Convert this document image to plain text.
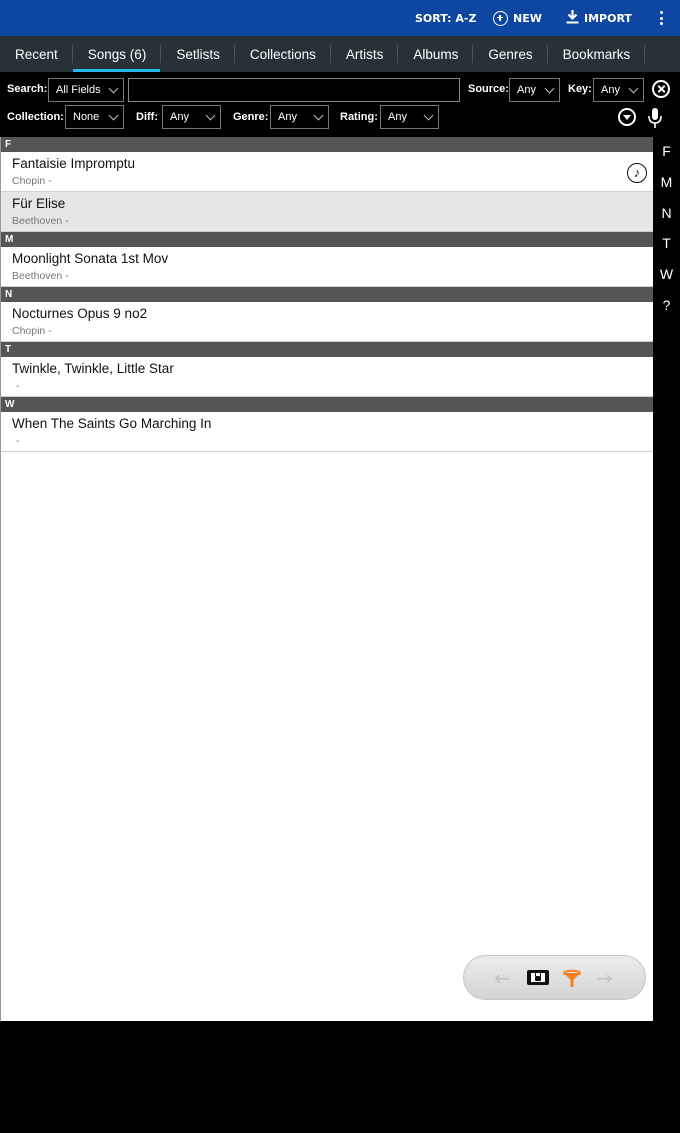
SORT: A-Z	NEW	IMPORT
Recent Songs (6) Setlists Collections Artists Albums Genres Bookmarks
Search: All Fields	Source: Any	Key: Any
Collection: None	Diff: Any	Genre: Any	Rating: Any
F
Fantaisie Impromptu
Chopin -
♪
Für Elise
Beethoven -
M
Moonlight Sonata 1st Mov
Beethoven -
N
Nocturnes Opus 9 no2
Chopin -
T
Twinkle, Twinkle, Little Star
-
W
When The Saints Go Marching In
-
F
M
N
T
W
?
←	→
